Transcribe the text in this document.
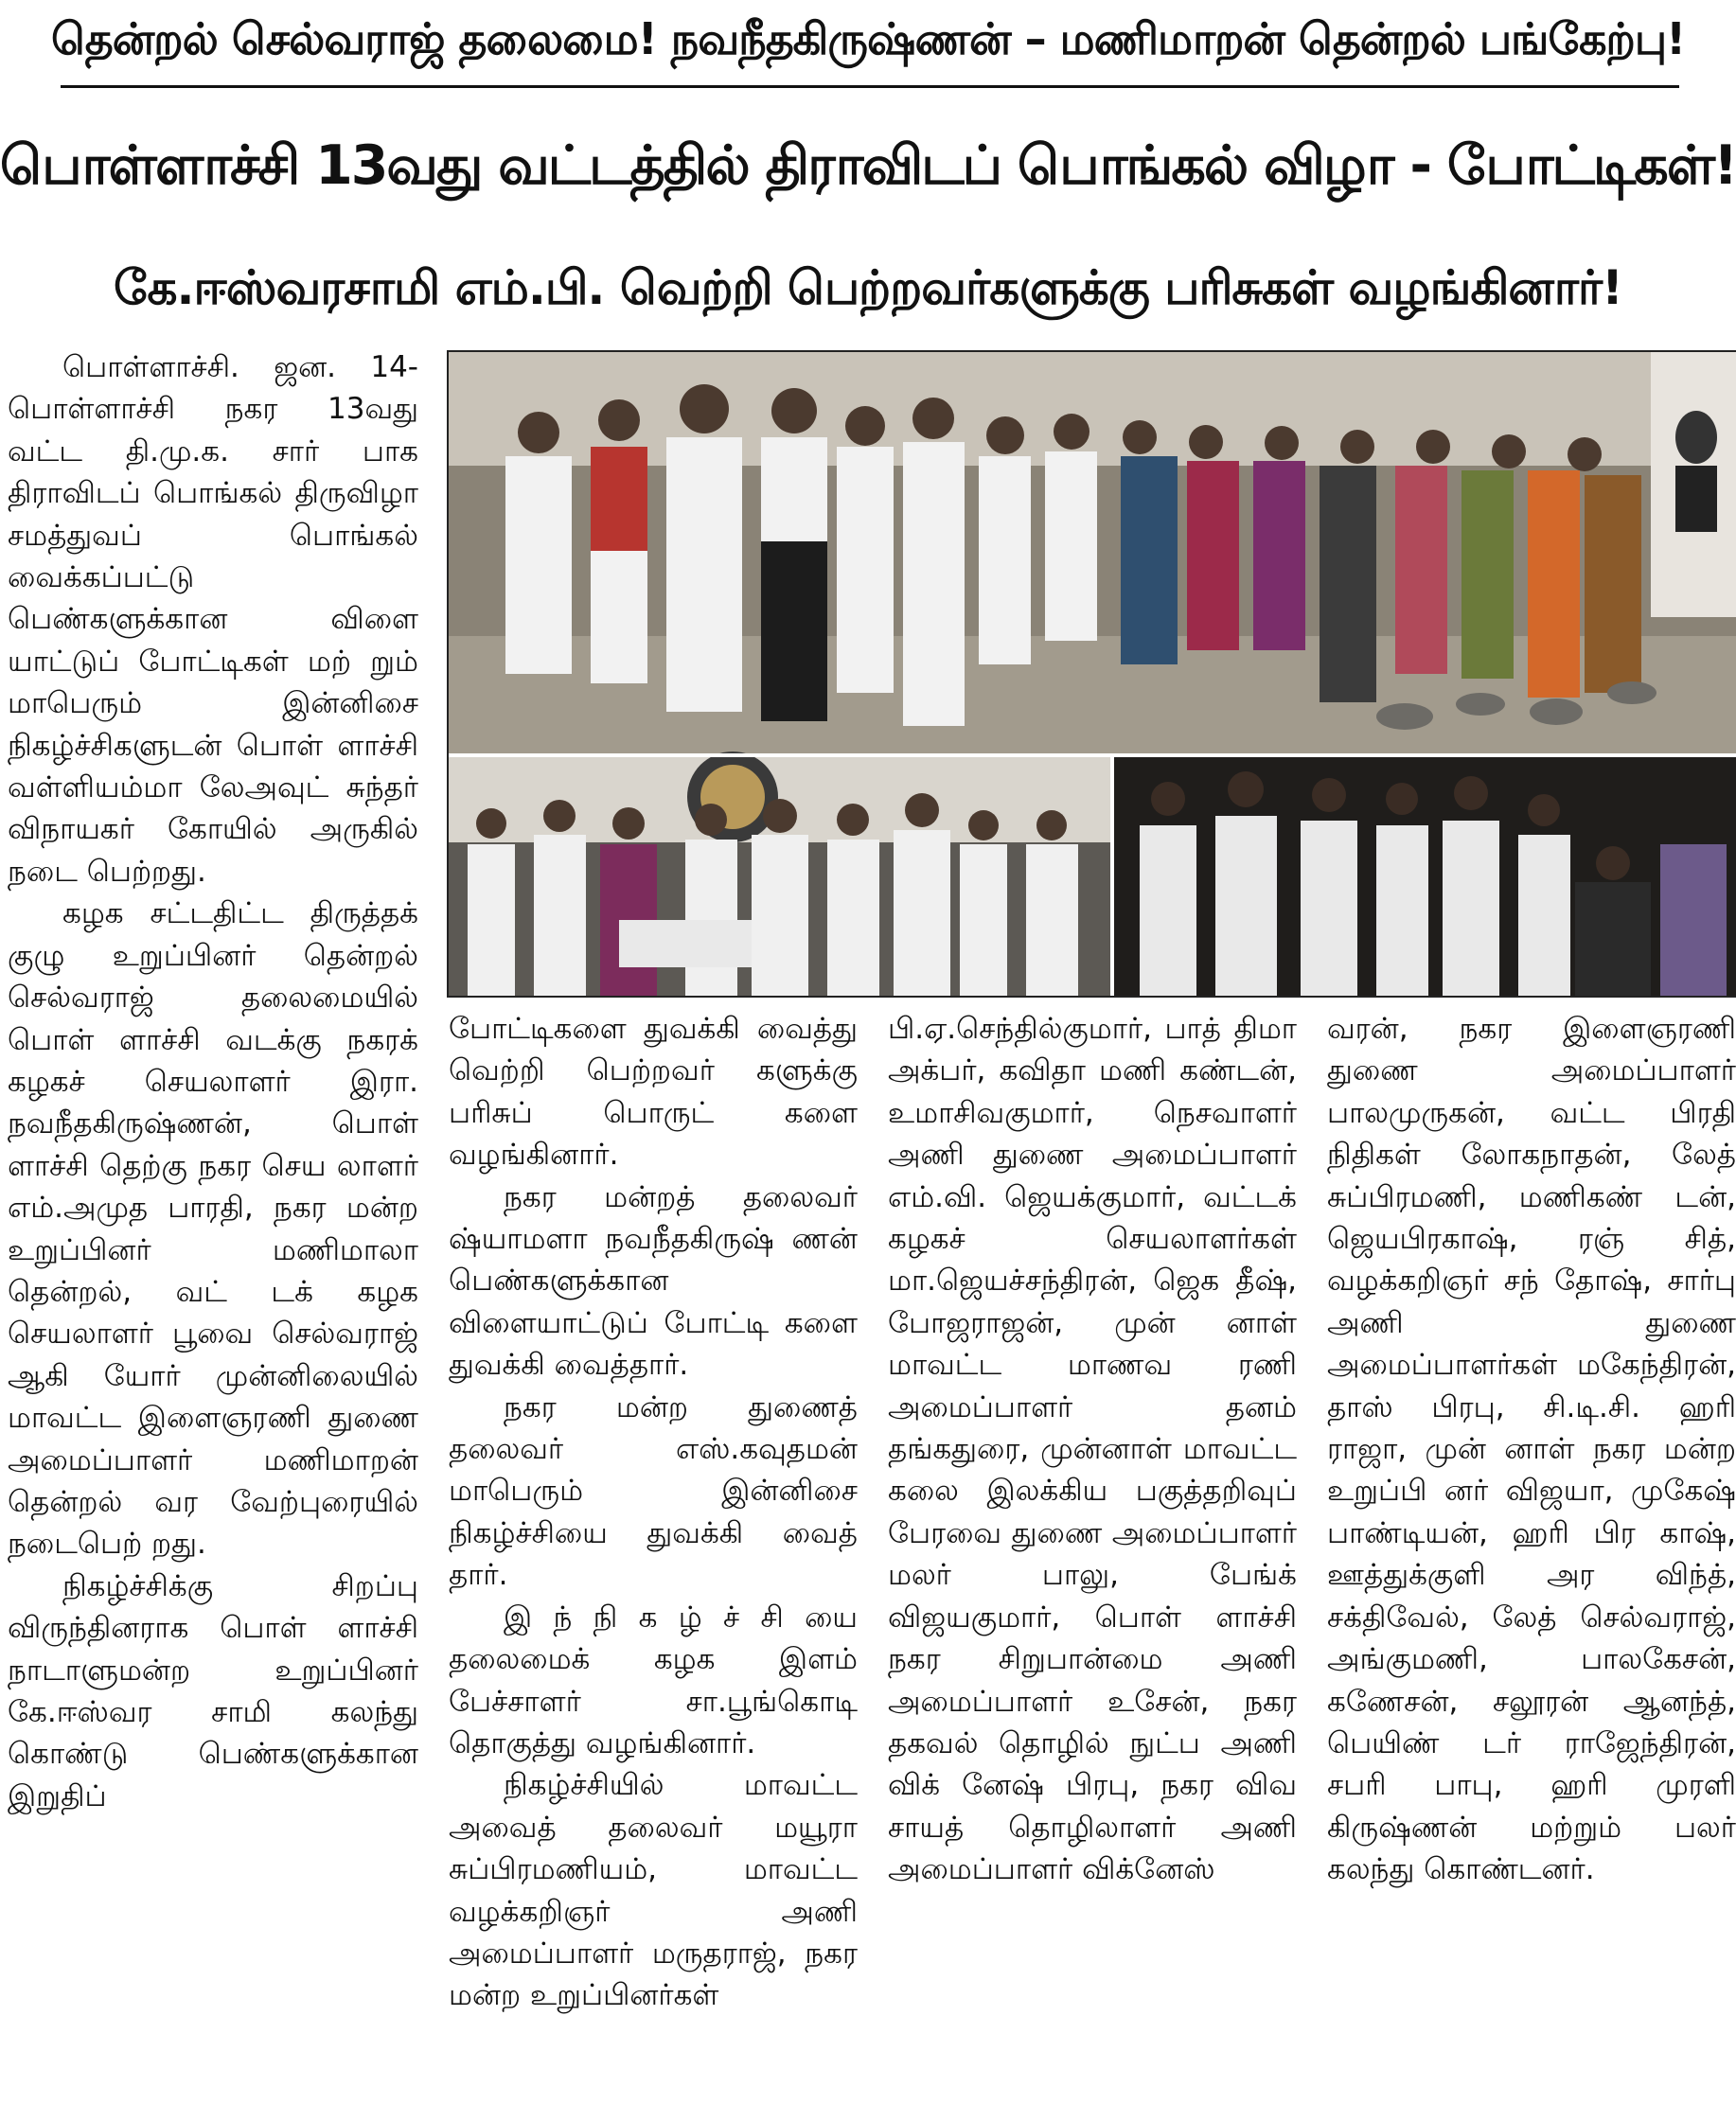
தென்றல் செல்வராஜ் தலைமை! நவநீதகிருஷ்ணன் – மணிமாறன் தென்றல் பங்கேற்பு!
பொள்ளாச்சி 13வது வட்டத்தில் திராவிடப் பொங்கல் விழா - போட்டிகள்!
கே.ஈஸ்வரசாமி எம்.பி. வெற்றி பெற்றவர்களுக்கு பரிசுகள் வழங்கினார்!

பொள்ளாச்சி. ஜன. 14- பொள்ளாச்சி நகர 13வது வட்ட தி.மு.க. சார் பாக திராவிடப் பொங்கல் திருவிழா சமத்துவப் பொங்கல் வைக்கப்பட்டு பெண்களுக்கான விளை யாட்டுப் போட்டிகள் மற் றும் மாபெரும் இன்னிசை நிகழ்ச்சிகளுடன் பொள் ளாச்சி வள்ளியம்மா லேஅவுட் சுந்தர் விநாயகர் கோயில் அருகில் நடை பெற்றது.

கழக சட்டதிட்ட திருத்தக் குழு உறுப்பினர் தென்றல் செல்வராஜ் தலைமையில் பொள் ளாச்சி வடக்கு நகரக் கழகச் செயலாளர் இரா. நவநீதகிருஷ்ணன், பொள் ளாச்சி தெற்கு நகர செய லாளர் எம்.அமுத பாரதி, நகர மன்ற உறுப்பினர் மணிமாலா தென்றல், வட் டக் கழக செயலாளர் பூவை செல்வராஜ் ஆகி யோர் முன்னிலையில் மாவட்ட இளைஞரணி துணை அமைப்பாளர் மணிமாறன் தென்றல் வர வேற்புரையில் நடைபெற் றது.

நிகழ்ச்சிக்கு சிறப்பு விருந்தினராக பொள் ளாச்சி நாடாளுமன்ற உறுப்பினர் கே.ஈஸ்வர சாமி கலந்து கொண்டு பெண்களுக்கான இறுதிப்

போட்டிகளை துவக்கி வைத்து வெற்றி பெற்றவர் களுக்கு பரிசுப் பொருட் களை வழங்கினார்.

நகர மன்றத் தலைவர் ஷ்யாமளா நவநீதகிருஷ் ணன் பெண்களுக்கான விளையாட்டுப் போட்டி களை துவக்கி வைத்தார்.

நகர மன்ற துணைத் தலைவர் எஸ்.கவுதமன் மாபெரும் இன்னிசை நிகழ்ச்சியை துவக்கி வைத் தார்.

இ ந் நி க ழ் ச் சி யை தலைமைக் கழக இளம் பேச்சாளர் சா.பூங்கொடி தொகுத்து வழங்கினார்.

நிகழ்ச்சியில் மாவட்ட அவைத் தலைவர் மயூரா சுப்பிரமணியம், மாவட்ட வழக்கறிஞர் அணி அமைப்பாளர் மருதராஜ், நகர மன்ற உறுப்பினர்கள்

பி.ஏ.செந்தில்குமார், பாத் திமா அக்பர், கவிதா மணி கண்டன், உமாசிவகுமார், நெசவாளர் அணி துணை அமைப்பாளர் எம்.வி. ஜெயக்குமார், வட்டக் கழகச் செயலாளர்கள் மா.ஜெயச்சந்திரன், ஜெக தீஷ், போஜராஜன், முன் னாள் மாவட்ட மாணவ ரணி அமைப்பாளர் தனம் தங்கதுரை, முன்னாள் மாவட்ட கலை இலக்கிய பகுத்தறிவுப் பேரவை துணை அமைப்பாளர் மலர் பாலு, பேங்க் விஜயகுமார், பொள் ளாச்சி நகர சிறுபான்மை அணி அமைப்பாளர் உசேன், நகர தகவல் தொழில் நுட்ப அணி விக் னேஷ் பிரபு, நகர விவ சாயத் தொழிலாளர் அணி அமைப்பாளர் விக்னேஸ்

வரன், நகர இளைஞரணி துணை அமைப்பாளர் பாலமுருகன், வட்ட பிரதி நிதிகள் லோகநாதன், லேத் சுப்பிரமணி, மணிகண் டன், ஜெயபிரகாஷ், ரஞ் சித், வழக்கறிஞர் சந் தோஷ், சார்பு அணி துணை அமைப்பாளர்கள் மகேந்திரன், தாஸ் பிரபு, சி.டி.சி. ஹரி ராஜா, முன் னாள் நகர மன்ற உறுப்பி னர் விஜயா, முகேஷ் பாண்டியன், ஹரி பிர காஷ், ஊத்துக்குளி அர விந்த், சக்திவேல், லேத் செல்வராஜ், அங்குமணி, பாலகேசன், கணேசன், சலூரன் ஆனந்த், பெயிண் டர் ராஜேந்திரன், சபரி பாபு, ஹரி முரளி கிருஷ்ணன் மற்றும் பலர் கலந்து கொண்டனர்.
